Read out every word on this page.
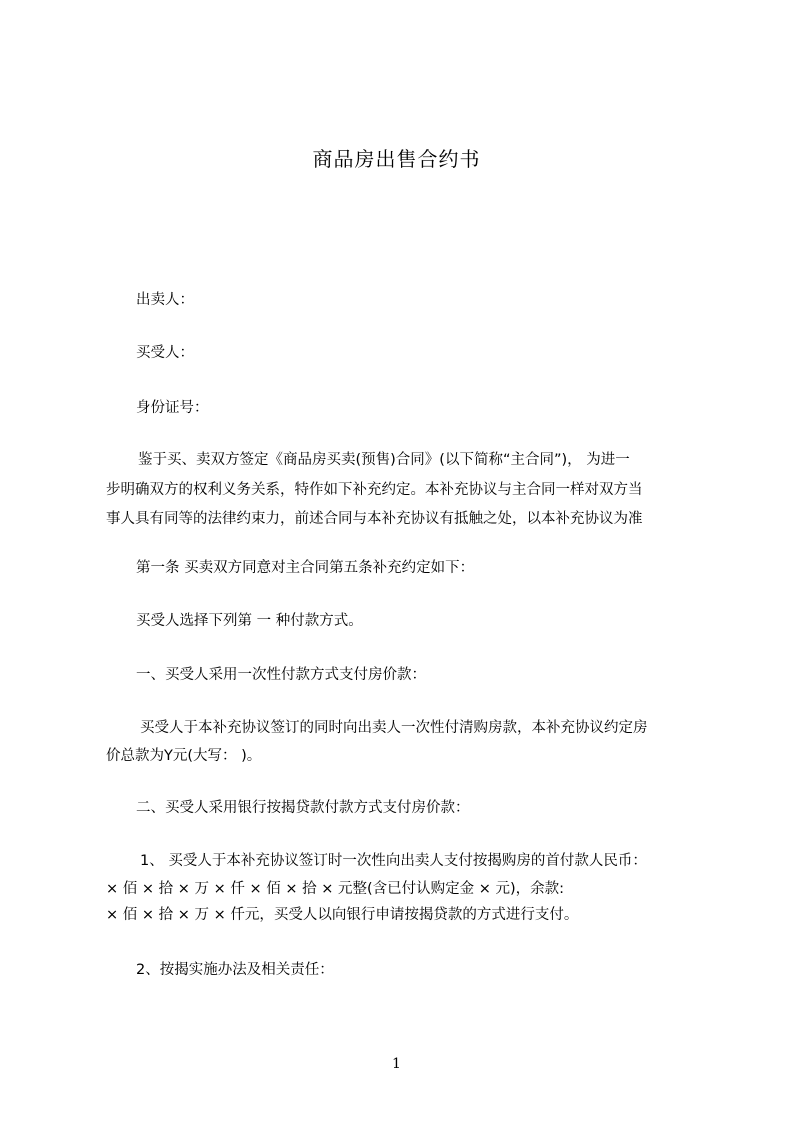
商品房出售合约书
出卖人：
买受人：
身份证号：
鉴于买、卖双方签定《商品房买卖(预售)合同》(以下简称“主合同”)， 为进一
步明确双方的权利义务关系，特作如下补充约定。本补充协议与主合同一样对双方当
事人具有同等的法律约束力，前述合同与本补充协议有抵触之处，以本补充协议为准
第一条 买卖双方同意对主合同第五条补充约定如下：
买受人选择下列第 一 种付款方式。
一、买受人采用一次性付款方式支付房价款：
买受人于本补充协议签订的同时向出卖人一次性付清购房款，本补充协议约定房
价总款为Y元(大写： )。
二、买受人采用银行按揭贷款付款方式支付房价款：
1、 买受人于本补充协议签订时一次性向出卖人支付按揭购房的首付款人民币：
× 佰 × 拾 × 万 × 仟 × 佰 × 拾 × 元整(含已付认购定金 × 元)，余款:
× 佰 × 拾 × 万 × 仟元，买受人以向银行申请按揭贷款的方式进行支付。
2、按揭实施办法及相关责任：
1
